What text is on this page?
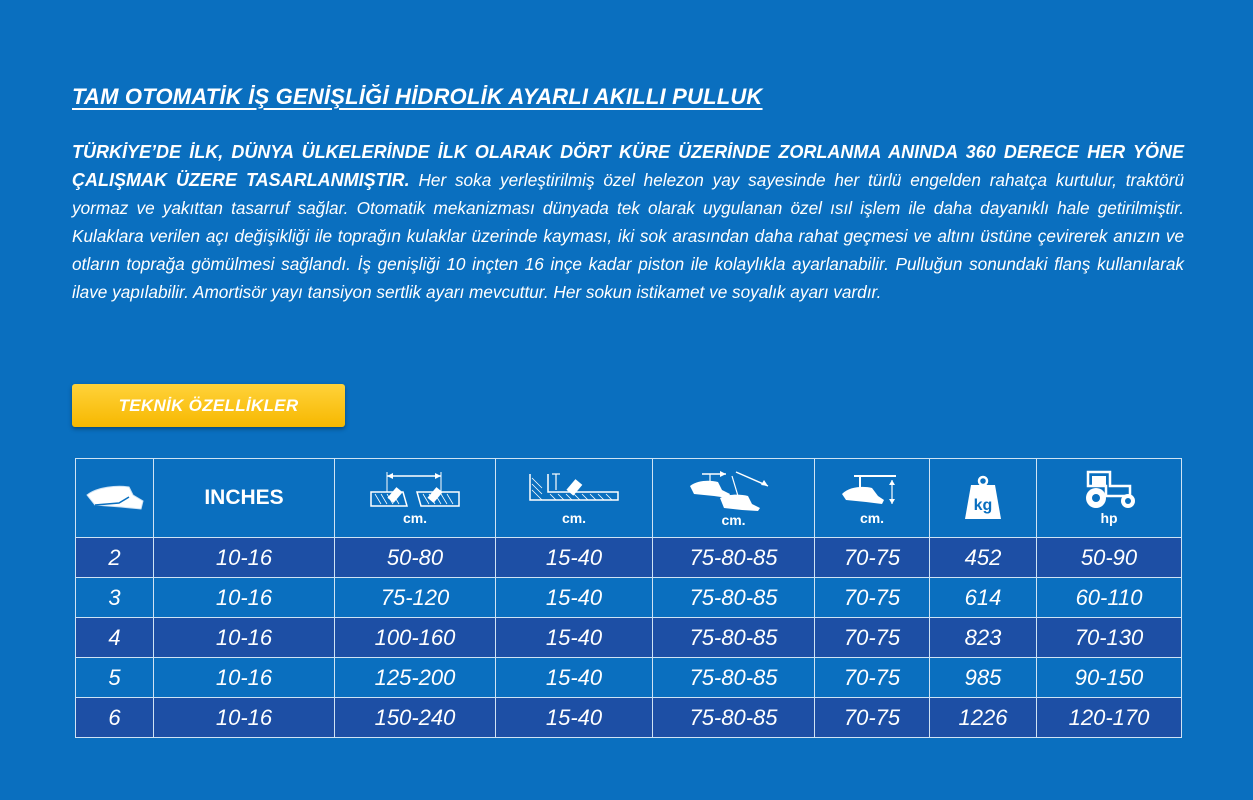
TAM OTOMATİK İŞ GENİŞLİĞİ HİDROLİK AYARLI AKILLI PULLUK

TÜRKİYE’DE İLK, DÜNYA ÜLKELERİNDE İLK OLARAK DÖRT KÜRE ÜZERİNDE ZORLANMA ANINDA 360 DERECE HER YÖNE ÇALIŞMAK ÜZERE TASARLANMIŞTIR. Her soka yerleştirilmiş özel helezon yay sayesinde her türlü engelden rahatça kurtulur, traktörü yormaz ve yakıttan tasarruf sağlar. Otomatik mekanizması dünyada tek olarak uygulanan özel ısıl işlem ile daha dayanıklı hale getirilmiştir. Kulaklara verilen açı değişikliği ile toprağın kulaklar üzerinde kayması, iki sok arasından daha rahat geçmesi ve altını üstüne çevirerek anızın ve otların toprağa gömülmesi sağlandı. İş genişliği 10 inçten 16 inçe kadar piston ile kolaylıkla ayarlanabilir. Pulluğun sonundaki flanş kullanılarak ilave yapılabilir. Amortisör yayı tansiyon sertlik ayarı mevcuttur. Her sokun istikamet ve soyalık ayarı vardır.

TEKNİK ÖZELLİKLER
	INCHES	cm.	cm.	cm.	cm.	kg	hp

2	10-16	50-80	15-40	75-80-85	70-75	452	50-90
3	10-16	75-120	15-40	75-80-85	70-75	614	60-110
4	10-16	100-160	15-40	75-80-85	70-75	823	70-130
5	10-16	125-200	15-40	75-80-85	70-75	985	90-150
6	10-16	150-240	15-40	75-80-85	70-75	1226	120-170
